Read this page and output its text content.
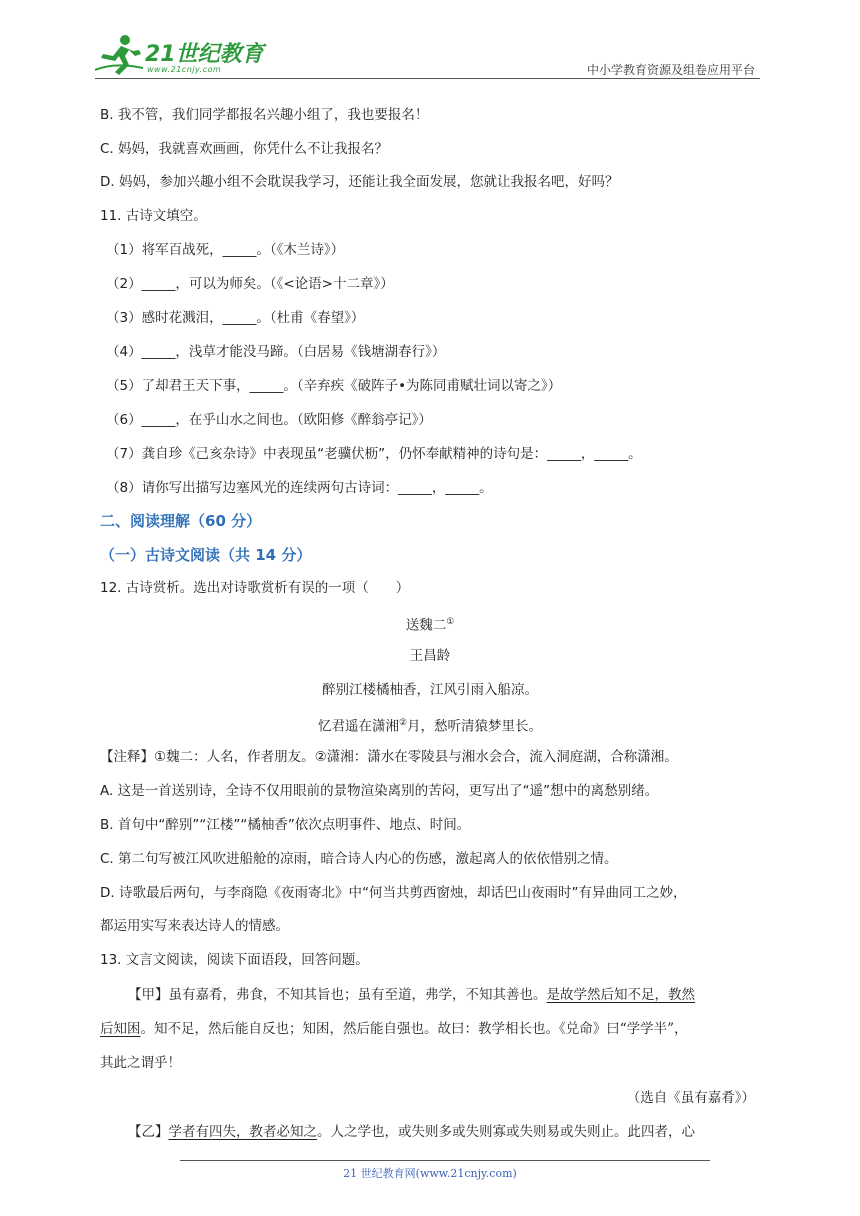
21世纪教育
www.21cnjy.com	中小学教育资源及组卷应用平台
B. 我不管，我们同学都报名兴趣小组了，我也要报名！
C. 妈妈，我就喜欢画画，你凭什么不让我报名？
D. 妈妈，参加兴趣小组不会耽误我学习，还能让我全面发展，您就让我报名吧，好吗？
11. 古诗文填空。
（1）将军百战死，_____。（《木兰诗》）
（2）_____，可以为师矣。（《<论语>十二章》）
（3）感时花溅泪，_____。（杜甫《春望》）
（4）_____，浅草才能没马蹄。（白居易《钱塘湖春行》）
（5）了却君王天下事，_____。（辛弃疾《破阵子•为陈同甫赋壮词以寄之》）
（6）_____，在乎山水之间也。（欧阳修《醉翁亭记》）
（7）龚自珍《己亥杂诗》中表现虽“老骥伏枥”，仍怀奉献精神的诗句是：_____，_____。
（8）请你写出描写边塞风光的连续两句古诗词：_____，_____。
二、阅读理解（60 分）
（一）古诗文阅读（共 14 分）
12. 古诗赏析。选出对诗歌赏析有误的一项（　　）
送魏二①
王昌龄
醉别江楼橘柚香，江风引雨入船凉。
忆君遥在潇湘②月，愁听清猿梦里长。
【注释】①魏二：人名，作者朋友。②潇湘：潇水在零陵县与湘水会合，流入洞庭湖，合称潇湘。
A. 这是一首送别诗，全诗不仅用眼前的景物渲染离别的苦闷，更写出了“遥”想中的离愁别绪。
B. 首句中“醉别”“江楼”“橘柚香”依次点明事件、地点、时间。
C. 第二句写被江风吹进船舱的凉雨，暗合诗人内心的伤感，激起离人的依依惜别之情。
D. 诗歌最后两句，与李商隐《夜雨寄北》中“何当共剪西窗烛，却话巴山夜雨时”有异曲同工之妙，
都运用实写来表达诗人的情感。
13. 文言文阅读，阅读下面语段，回答问题。
【甲】虽有嘉肴，弗食，不知其旨也；虽有至道，弗学，不知其善也。是故学然后知不足，教然
后知困。知不足，然后能自反也；知困，然后能自强也。故曰：教学相长也。《兑命》曰“学学半”，
其此之谓乎！
（选自《虽有嘉肴》）
【乙】学者有四失，教者必知之。人之学也，或失则多或失则寡或失则易或失则止。此四者，心
21 世纪教育网(www.21cnjy.com)
